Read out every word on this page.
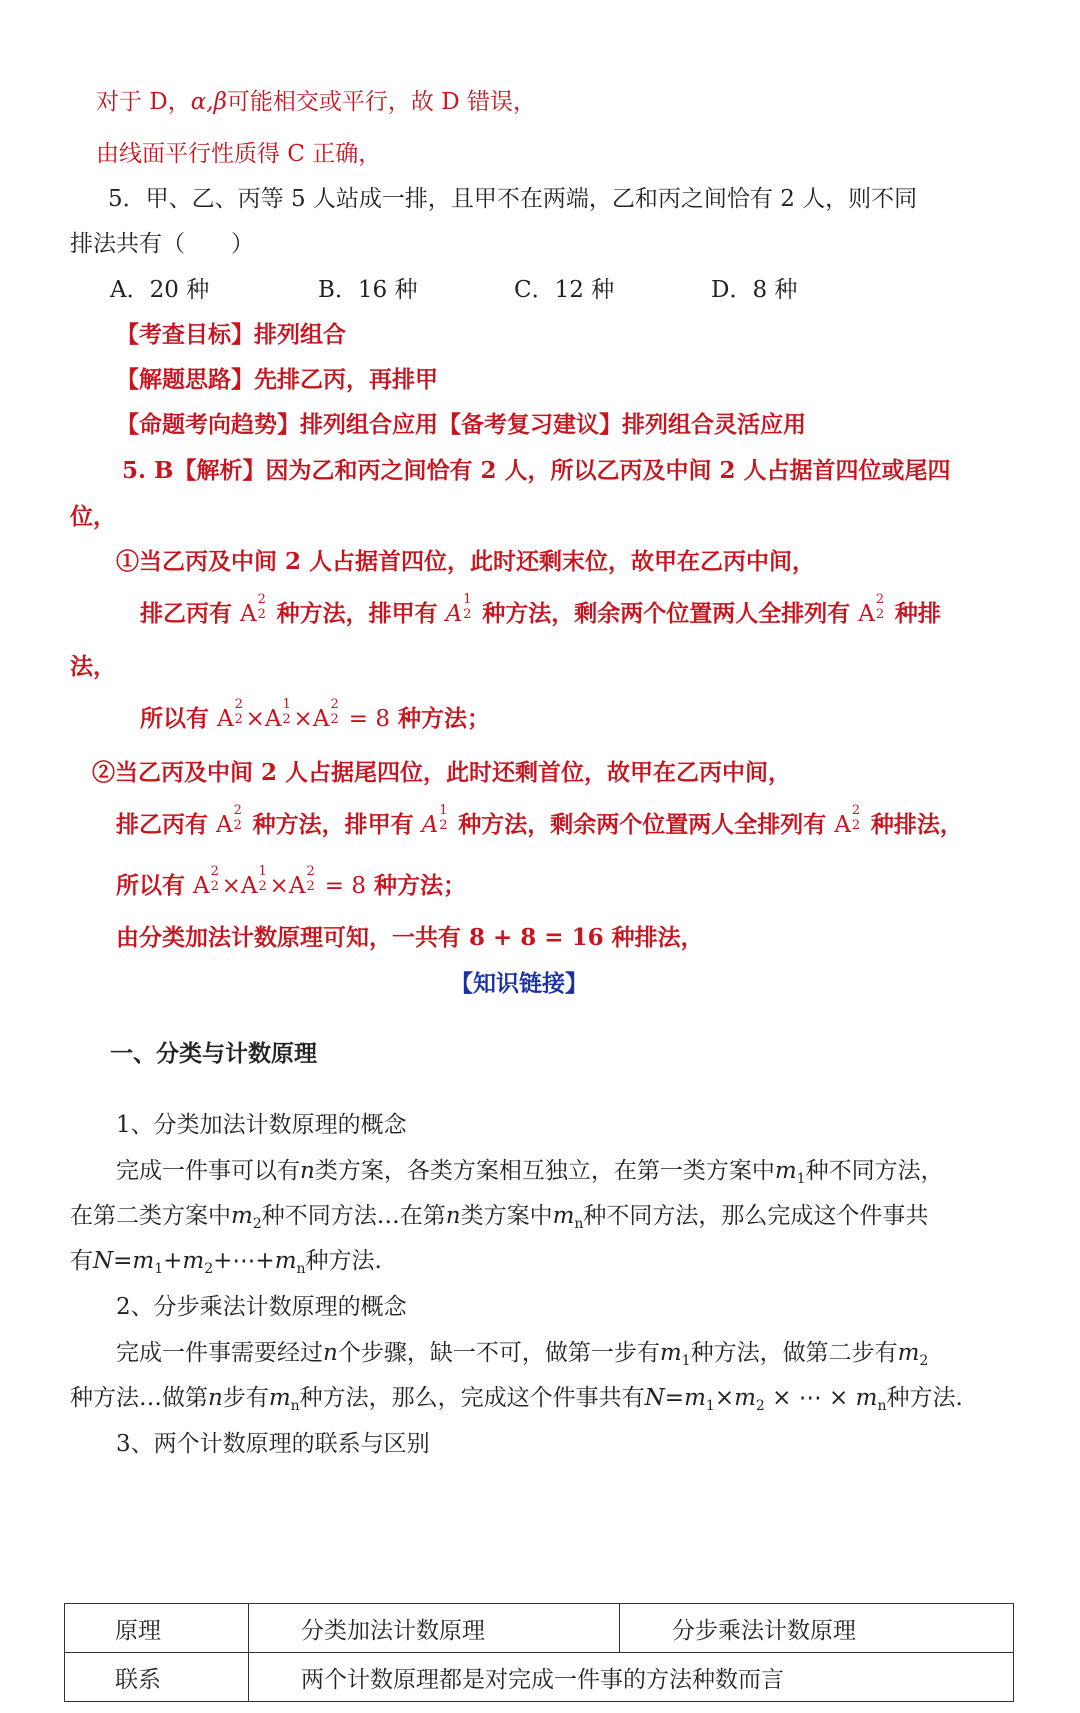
对于 D，α,β可能相交或平行，故 D 错误，
由线面平行性质得 C 正确，
5．甲、乙、丙等 5 人站成一排，且甲不在两端，乙和丙之间恰有 2 人，则不同
排法共有（　　）
A．20 种	B．16 种	C．12 种	D．8 种
【考查目标】排列组合
【解题思路】先排乙丙，再排甲
【命题考向趋势】排列组合应用【备考复习建议】排列组合灵活应用
5. B【解析】因为乙和丙之间恰有 2 人，所以乙丙及中间 2 人占据首四位或尾四
位，
①当乙丙及中间 2 人占据首四位，此时还剩末位，故甲在乙丙中间，
排乙丙有 A
2
2 种方法，排甲有 A
1
2 种方法，剩余两个位置两人全排列有 A
2
2 种排
法，
所以有 A
2
2 ×A
1
2 ×A
2
2 = 8 种方法；
②当乙丙及中间 2 人占据尾四位，此时还剩首位，故甲在乙丙中间，
排乙丙有 A
2
2 种方法，排甲有 A
1
2 种方法，剩余两个位置两人全排列有 A
2
2 种排法，
所以有 A
2
2 ×A
1
2 ×A
2
2 = 8 种方法；
由分类加法计数原理可知，一共有 8 + 8 = 16 种排法，
【知识链接】
一、分类与计数原理
1、分类加法计数原理的概念
完成一件事可以有n类方案，各类方案相互独立，在第一类方案中$m_1$种不同方法，
在第二类方案中$m_2$种不同方法…在第n类方案中$m_n$种不同方法，那么完成这个件事共
有$N=m_1+m_2+\cdots+m_n$种方法.
2、分步乘法计数原理的概念
完成一件事需要经过n个步骤，缺一不可，做第一步有$m_1$种方法，做第二步有$m_2$
种方法…做第n步有$m_n$种方法，那么，完成这个件事共有$N=m_1\times m_2$ × ⋯ × $m_n$种方法.
3、两个计数原理的联系与区别
原理	分类加法计数原理	分步乘法计数原理
联系	两个计数原理都是对完成一件事的方法种数而言	
